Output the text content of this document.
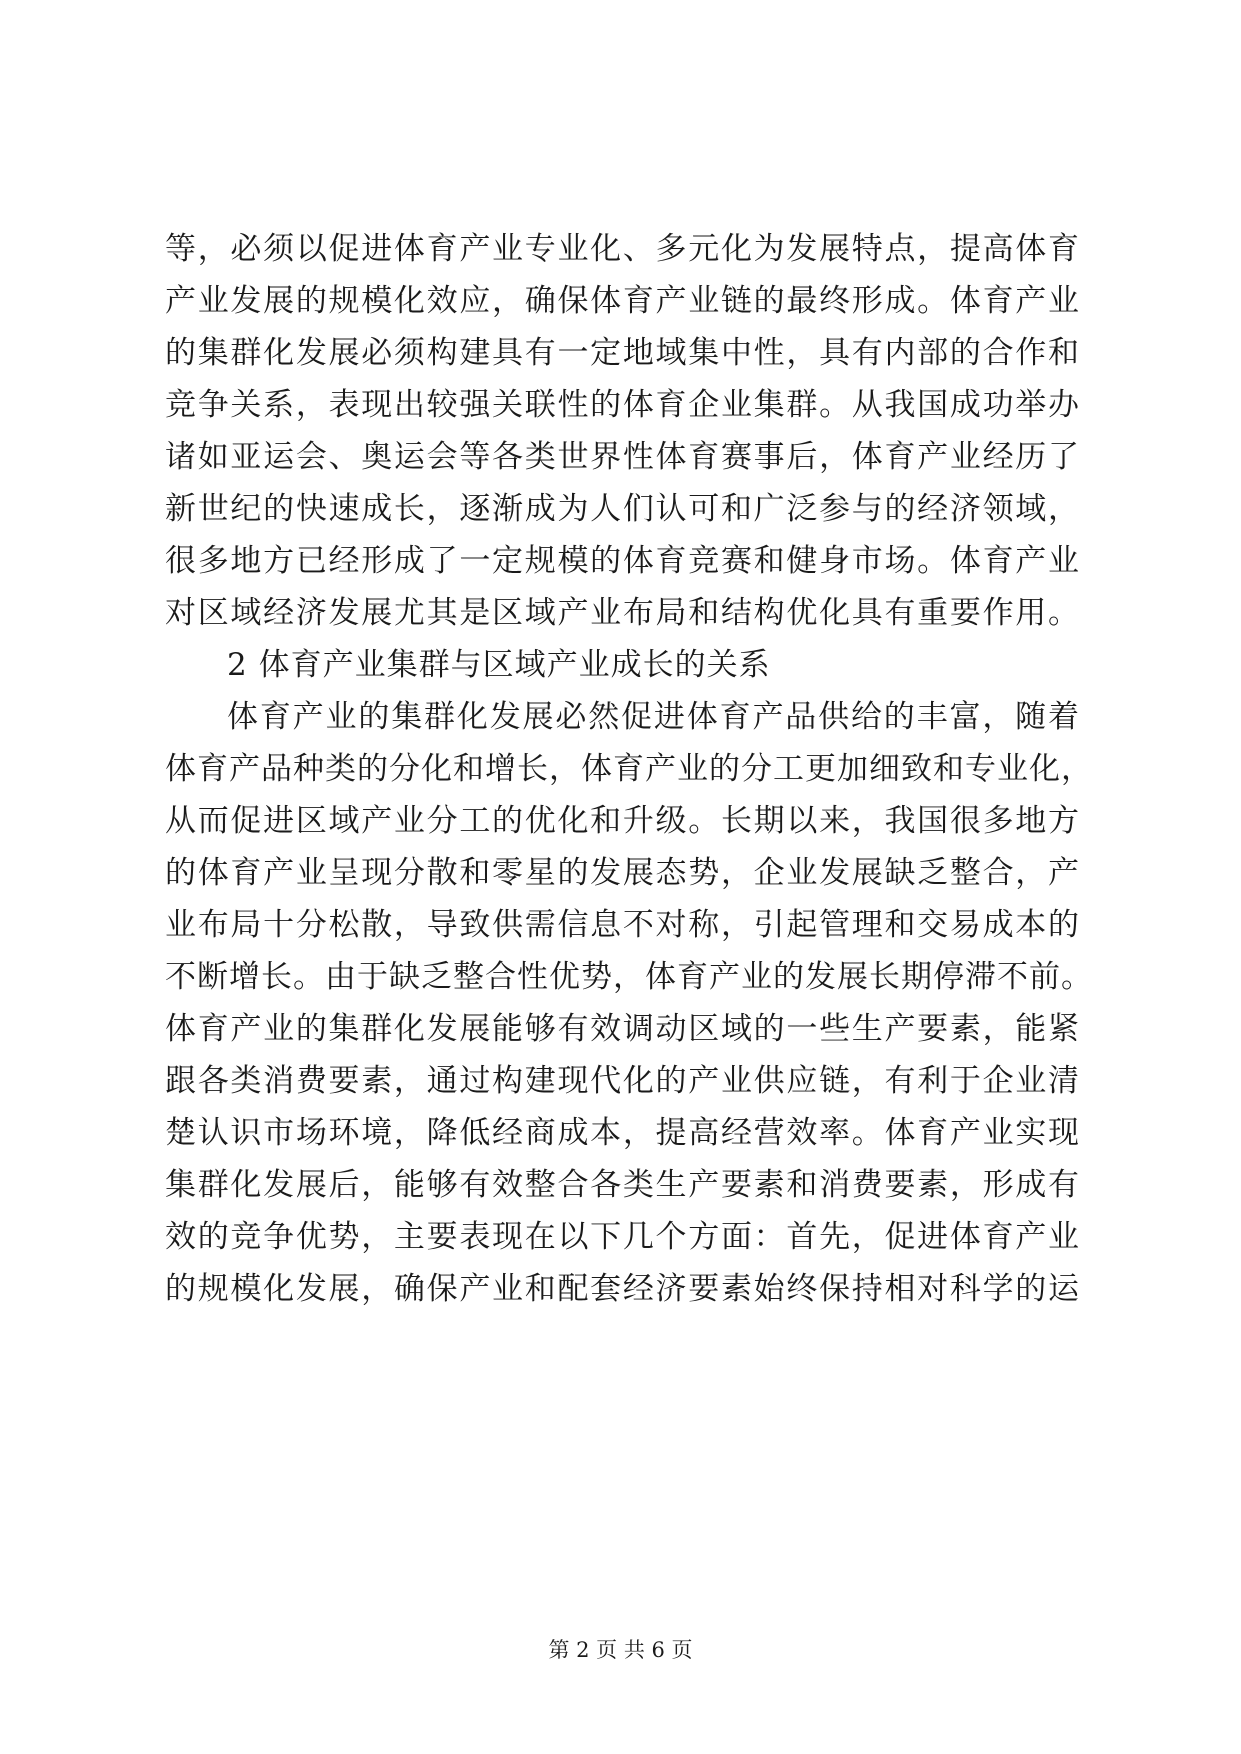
等，必须以促进体育产业专业化、多元化为发展特点，提高体育
产业发展的规模化效应，确保体育产业链的最终形成。体育产业
的集群化发展必须构建具有一定地域集中性，具有内部的合作和
竞争关系，表现出较强关联性的体育企业集群。从我国成功举办
诸如亚运会、奥运会等各类世界性体育赛事后，体育产业经历了
新世纪的快速成长，逐渐成为人们认可和广泛参与的经济领域，
很多地方已经形成了一定规模的体育竞赛和健身市场。体育产业
对区域经济发展尤其是区域产业布局和结构优化具有重要作用。
2 体育产业集群与区域产业成长的关系
体育产业的集群化发展必然促进体育产品供给的丰富，随着
体育产品种类的分化和增长，体育产业的分工更加细致和专业化，
从而促进区域产业分工的优化和升级。长期以来，我国很多地方
的体育产业呈现分散和零星的发展态势，企业发展缺乏整合，产
业布局十分松散，导致供需信息不对称，引起管理和交易成本的
不断增长。由于缺乏整合性优势，体育产业的发展长期停滞不前。
体育产业的集群化发展能够有效调动区域的一些生产要素，能紧
跟各类消费要素，通过构建现代化的产业供应链，有利于企业清
楚认识市场环境，降低经商成本，提高经营效率。体育产业实现
集群化发展后，能够有效整合各类生产要素和消费要素，形成有
效的竞争优势，主要表现在以下几个方面：首先，促进体育产业
的规模化发展，确保产业和配套经济要素始终保持相对科学的运
第 2 页 共 6 页
